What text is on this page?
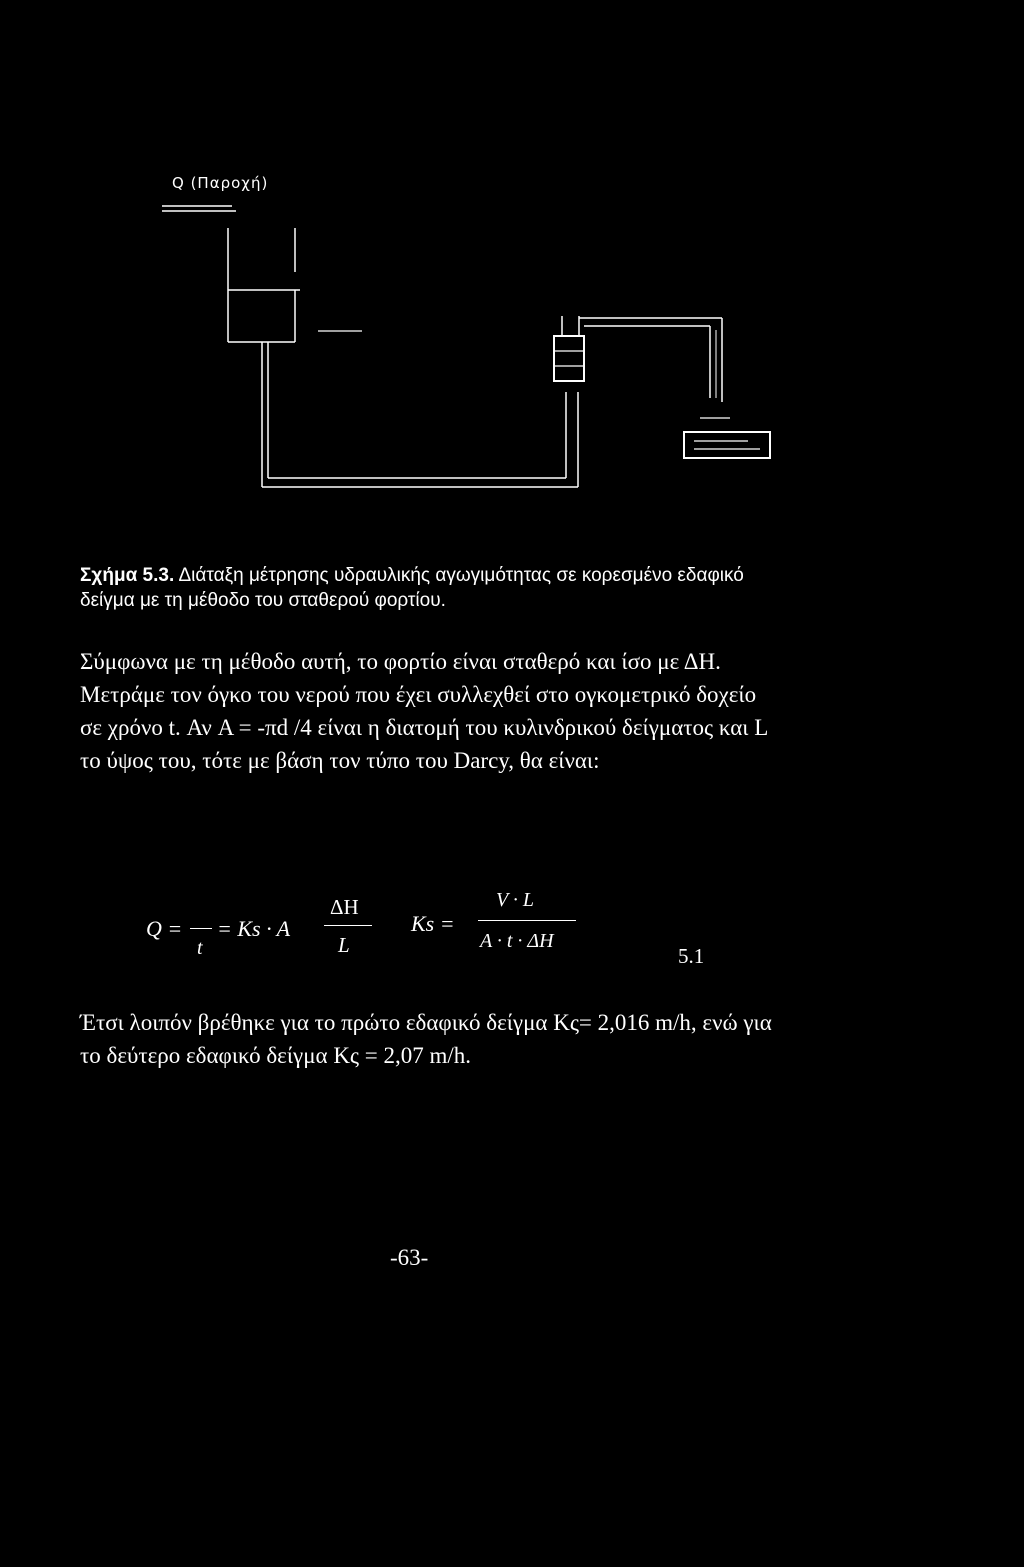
Q (Παροχή)
Σχήμα 5.3. Διάταξη μέτρησης υδραυλικής αγωγιμότητας σε κορεσμένο εδαφικό δείγμα με τη μέθοδο του σταθερού φορτίου.
Σύμφωνα με τη μέθοδο αυτή, το φορτίο είναι σταθερό και ίσο με ΔΗ. Μετράμε τον όγκο του νερού που έχει συλλεχθεί στο ογκομετρικό δοχείο σε χρόνο t. Αν A = -πd /4 είναι η διατομή του κυλινδρικού δείγματος και L το ύψος του, τότε με βάση τον τύπο του Darcy, θα είναι:
Q =
t
= Ks · A
ΔH
L
Ks =
V · L
A · t · ΔH
5.1
Έτσι λοιπόν βρέθηκε για το πρώτο εδαφικό δείγμα Κς= 2,016 m/h, ενώ για το δεύτερο εδαφικό δείγμα Κς = 2,07 m/h.
-63-
